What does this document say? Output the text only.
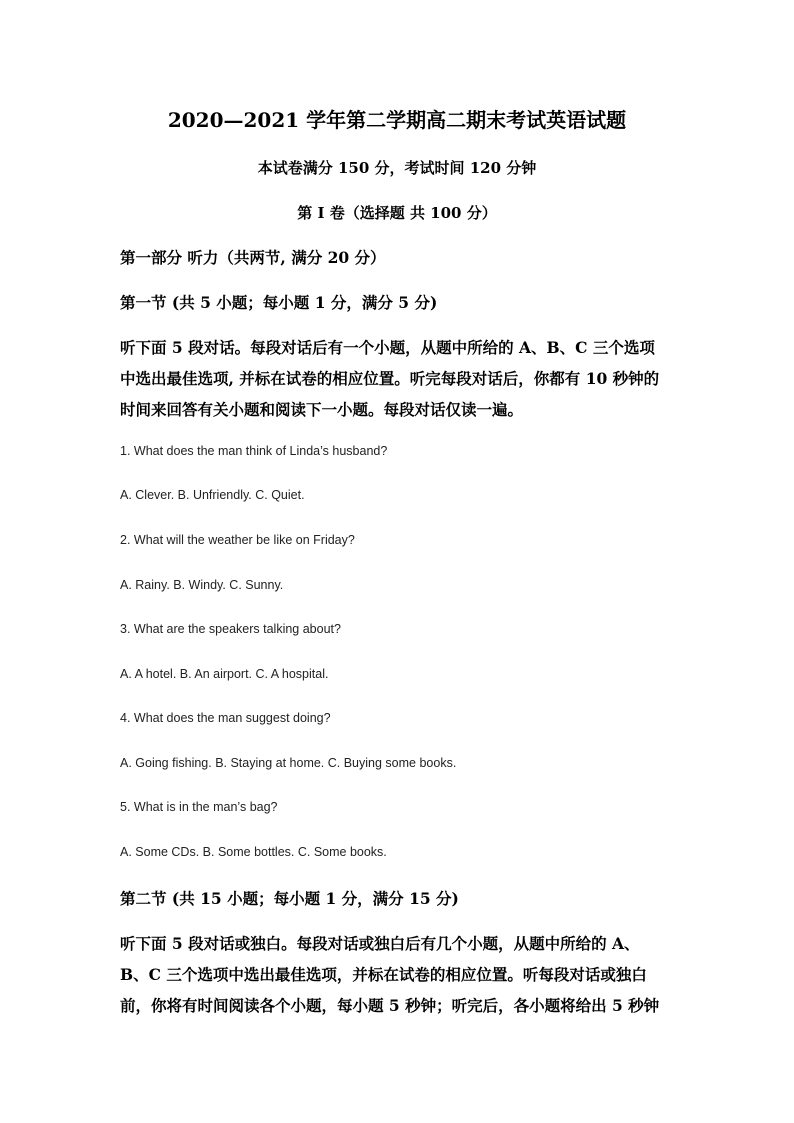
2020—2021 学年第二学期高二期末考试英语试题
本试卷满分 150 分，考试时间 120 分钟
第 I 卷（选择题 共 100 分）
第一部分 听力（共两节, 满分 20 分）
第一节 (共 5 小题；每小题 1 分，满分 5 分)
听下面 5 段对话。每段对话后有一个小题，从题中所给的 A、B、C 三个选项
中选出最佳选项, 并标在试卷的相应位置。听完每段对话后，你都有 10 秒钟的
时间来回答有关小题和阅读下一小题。每段对话仅读一遍。
1. What does the man think of Linda’s husband?
A. Clever. B. Unfriendly. C. Quiet.
2. What will the weather be like on Friday?
A. Rainy. B. Windy. C. Sunny.
3. What are the speakers talking about?
A. A hotel. B. An airport. C. A hospital.
4. What does the man suggest doing?
A. Going fishing. B. Staying at home. C. Buying some books.
5. What is in the man’s bag?
A. Some CDs. B. Some bottles. C. Some books.
第二节 (共 15 小题；每小题 1 分，满分 15 分)
听下面 5 段对话或独白。每段对话或独白后有几个小题，从题中所给的 A、
B、C 三个选项中选出最佳选项，并标在试卷的相应位置。听每段对话或独白
前，你将有时间阅读各个小题，每小题 5 秒钟；听完后，各小题将给出 5 秒钟
